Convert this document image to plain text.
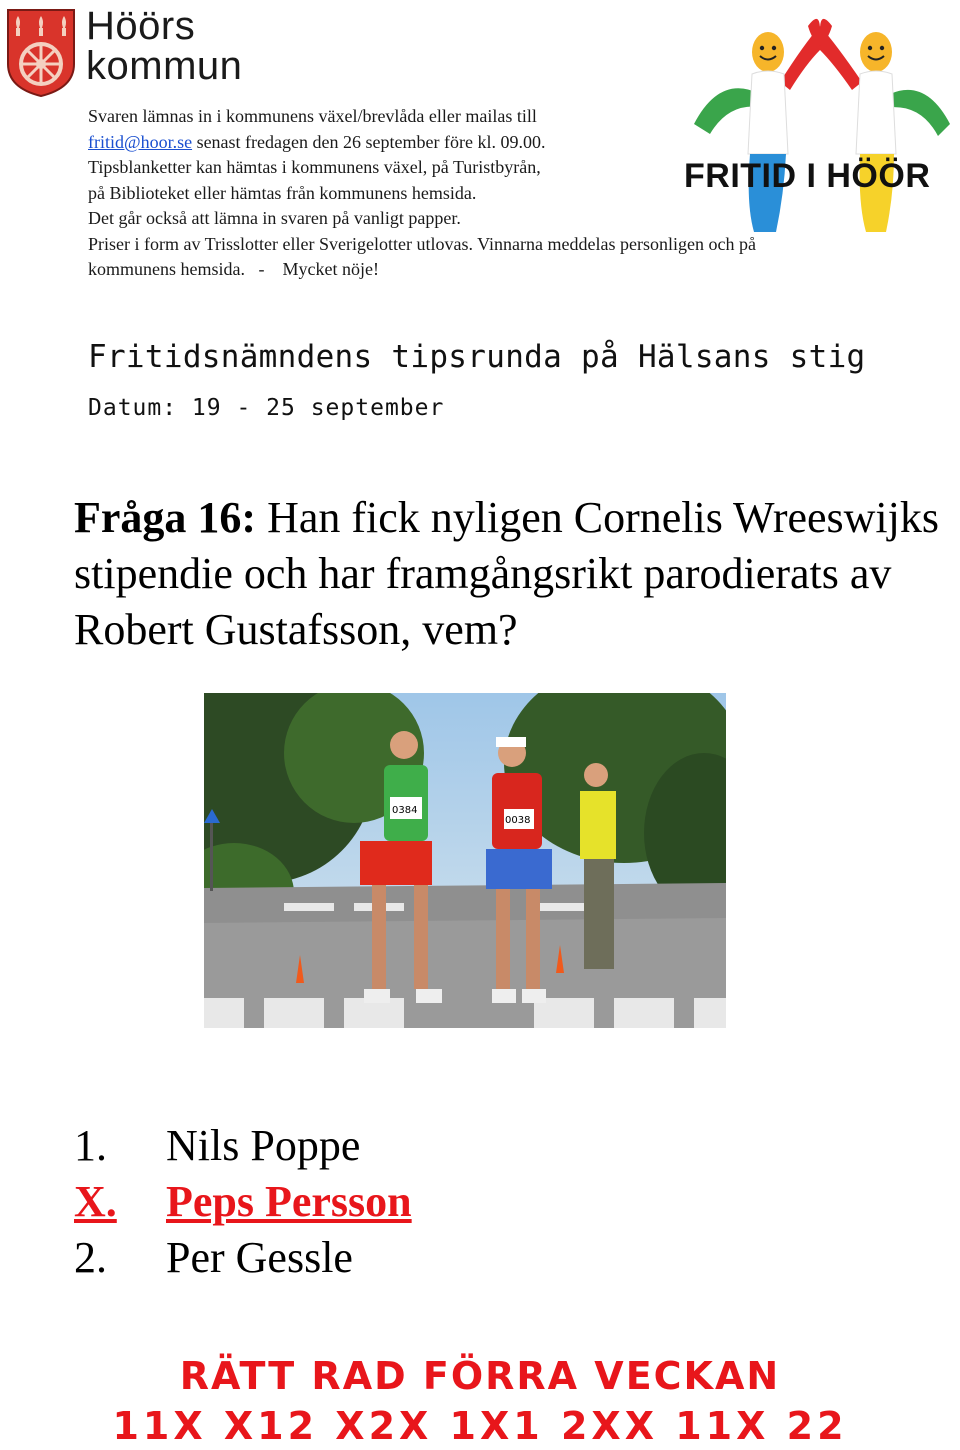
Höörs
kommun
FRITID I HÖÖR
Svaren lämnas in i kommunens växel/brevlåda eller mailas till
fritid@hoor.se senast fredagen den 26 september före kl. 09.00.
Tipsblanketter kan hämtas i kommunens växel, på Turistbyrån,
på Biblioteket eller hämtas från kommunens hemsida.
Det går också att lämna in svaren på vanligt papper.
Priser i form av Trisslotter eller Sverigelotter utlovas. Vinnarna meddelas personligen och på
kommunens hemsida.   -    Mycket nöje!
Fritidsnämndens tipsrunda på Hälsans stig
Datum: 19 - 25 september
Fråga 16: Han fick nyligen Cornelis Wreeswijks stipendie och har framgångsrikt parodierats av Robert Gustafsson, vem?
0384
0038
1.	Nils Poppe
X.	Peps Persson
2.	Per Gessle
RÄTT RAD FÖRRA VECKAN
11X X12 X2X 1X1 2XX 11X 22
